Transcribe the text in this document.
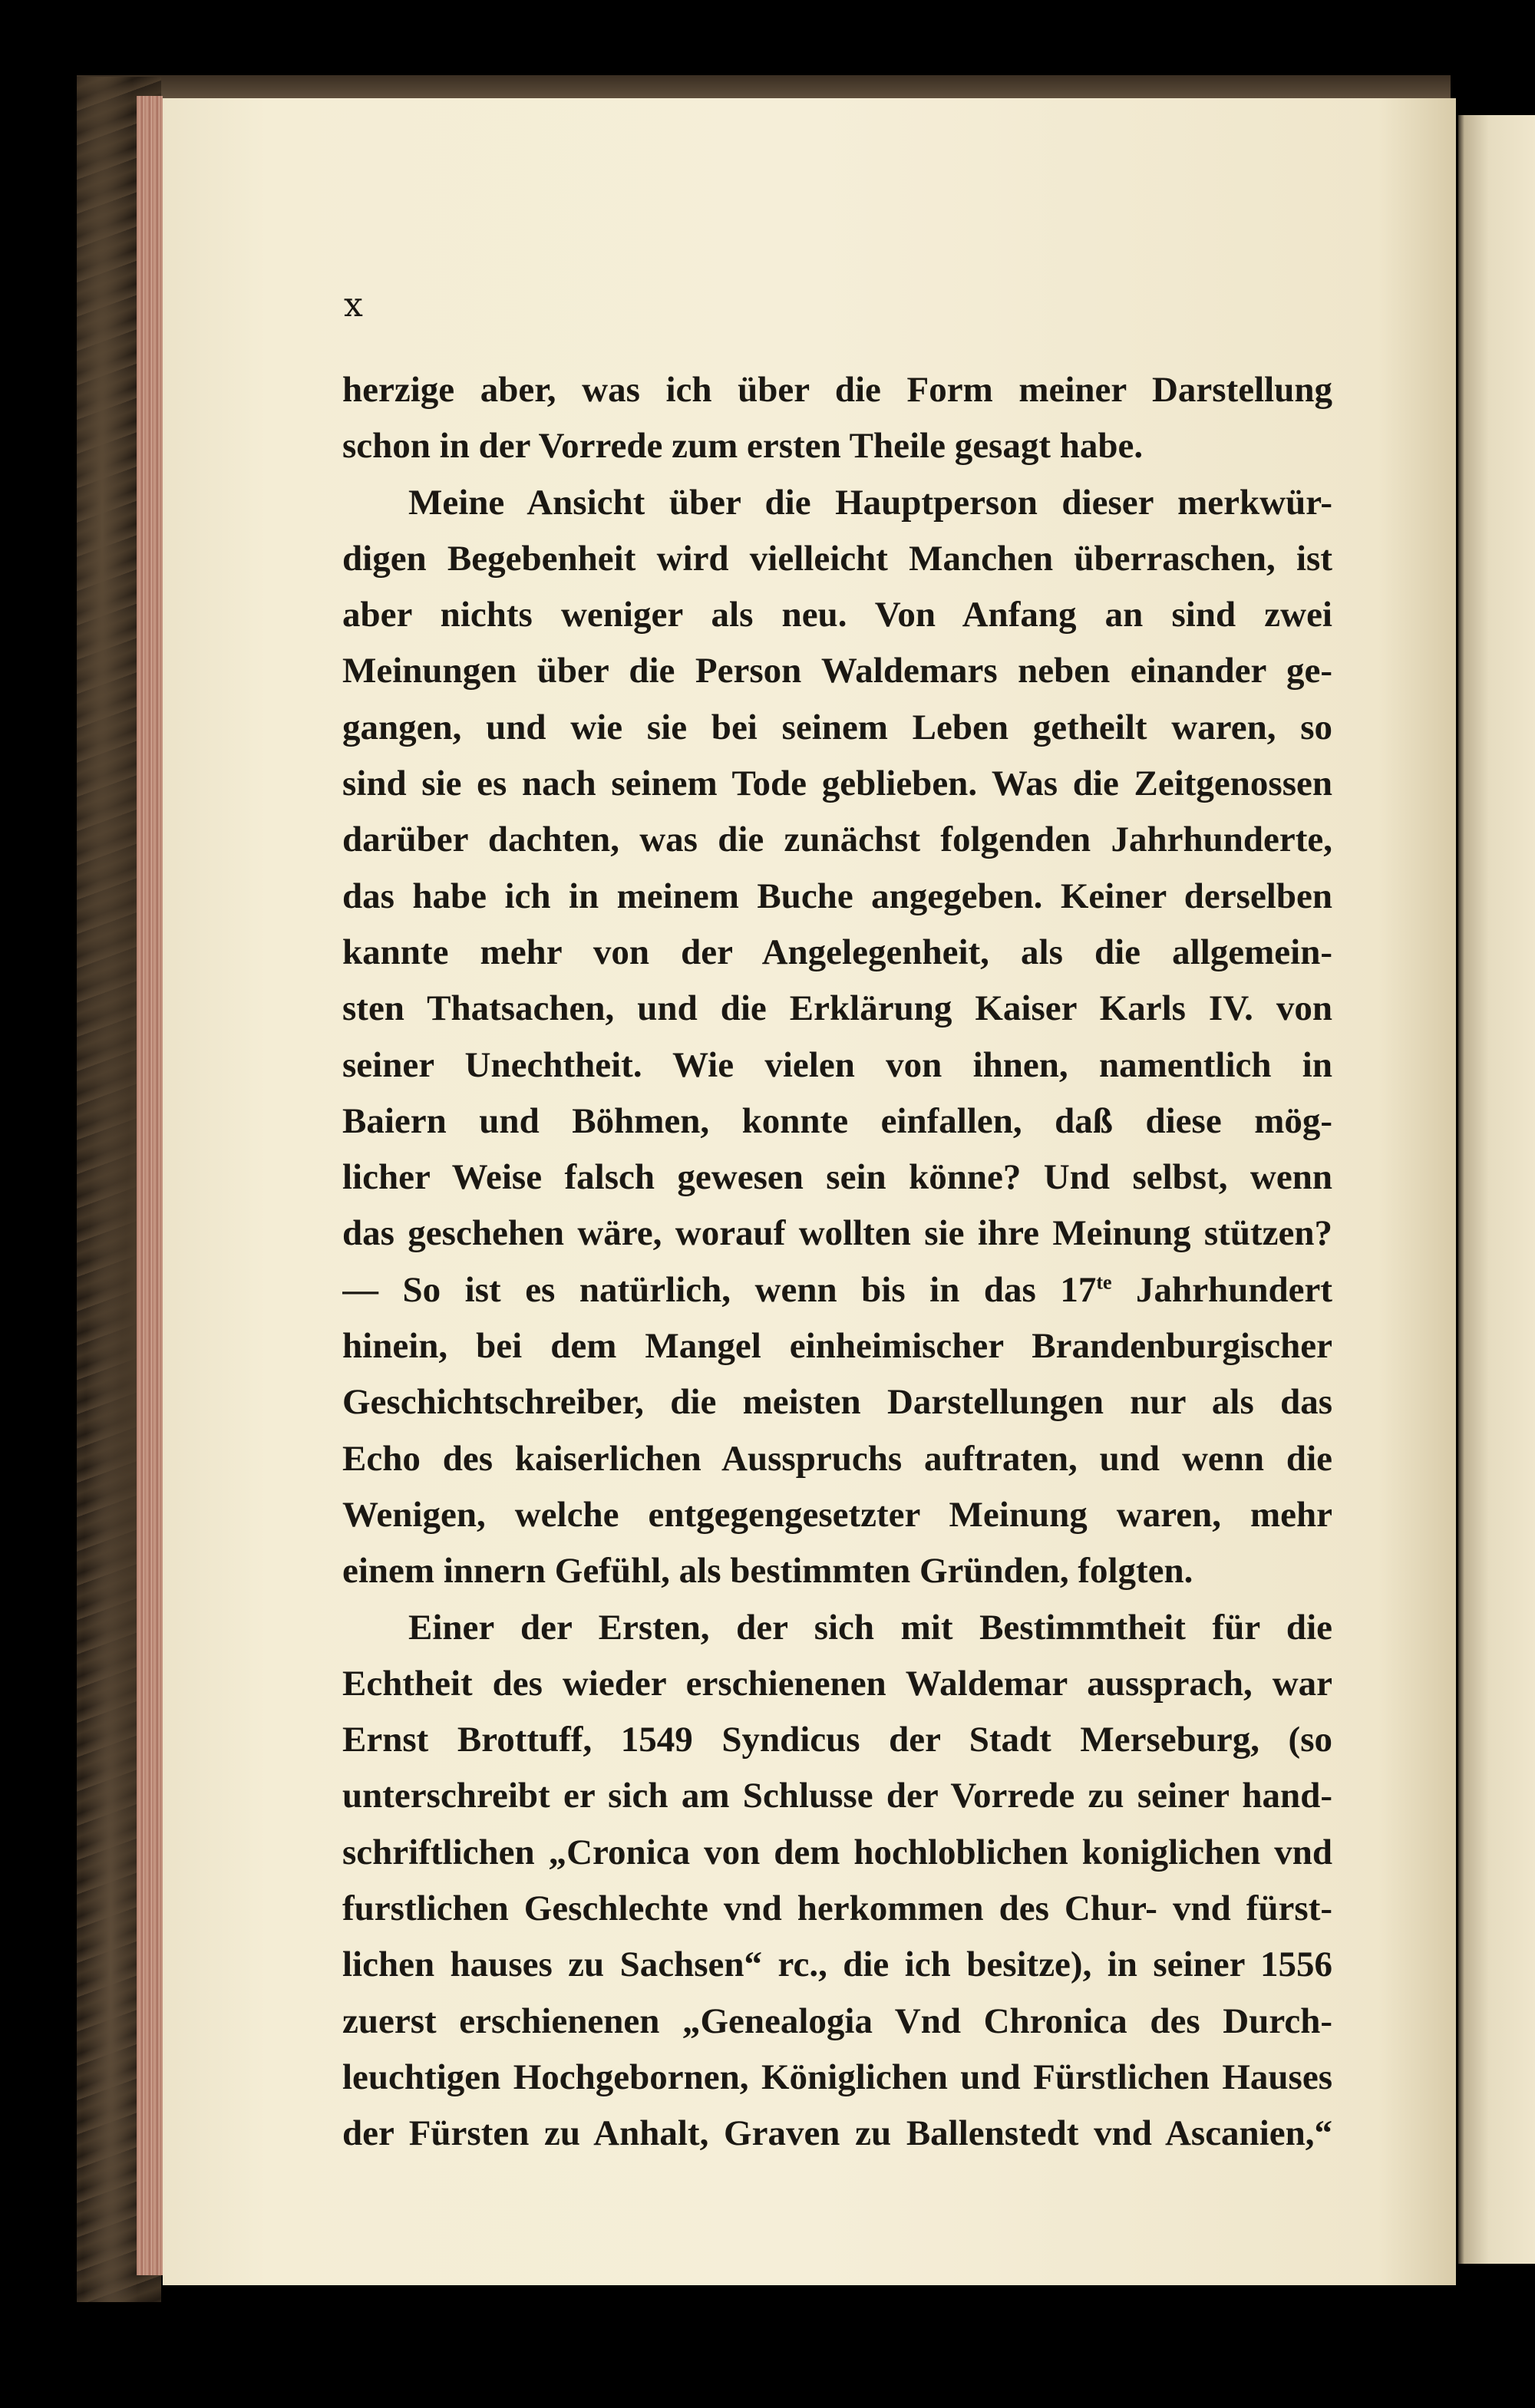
x
herzige aber, was ich über die Form meiner Darstellung
schon in der Vorrede zum ersten Theile gesagt habe.
Meine Ansicht über die Hauptperson dieser merkwür-
digen Begebenheit wird vielleicht Manchen überraschen, ist
aber nichts weniger als neu. Von Anfang an sind zwei
Meinungen über die Person Waldemars neben einander ge-
gangen, und wie sie bei seinem Leben getheilt waren, so
sind sie es nach seinem Tode geblieben. Was die Zeitgenossen
darüber dachten, was die zunächst folgenden Jahrhunderte,
das habe ich in meinem Buche angegeben. Keiner derselben
kannte mehr von der Angelegenheit, als die allgemein-
sten Thatsachen, und die Erklärung Kaiser Karls IV. von
seiner Unechtheit. Wie vielen von ihnen, namentlich in
Baiern und Böhmen, konnte einfallen, daß diese mög-
licher Weise falsch gewesen sein könne? Und selbst, wenn
das geschehen wäre, worauf wollten sie ihre Meinung stützen?
— So ist es natürlich, wenn bis in das $17^{te}$ Jahrhundert
hinein, bei dem Mangel einheimischer Brandenburgischer
Geschichtschreiber, die meisten Darstellungen nur als das
Echo des kaiserlichen Ausspruchs auftraten, und wenn die
Wenigen, welche entgegengesetzter Meinung waren, mehr
einem innern Gefühl, als bestimmten Gründen, folgten.
Einer der Ersten, der sich mit Bestimmtheit für die
Echtheit des wieder erschienenen Waldemar aussprach, war
Ernst Brottuff, 1549 Syndicus der Stadt Merseburg, (so
unterschreibt er sich am Schlusse der Vorrede zu seiner hand-
schriftlichen „Cronica von dem hochloblichen koniglichen vnd
furstlichen Geschlechte vnd herkommen des Chur- vnd fürst-
lichen hauses zu Sachsen“ rc., die ich besitze), in seiner 1556
zuerst erschienenen „Genealogia Vnd Chronica des Durch-
leuchtigen Hochgebornen, Königlichen und Fürstlichen Hauses
der Fürsten zu Anhalt, Graven zu Ballenstedt vnd Ascanien,“
